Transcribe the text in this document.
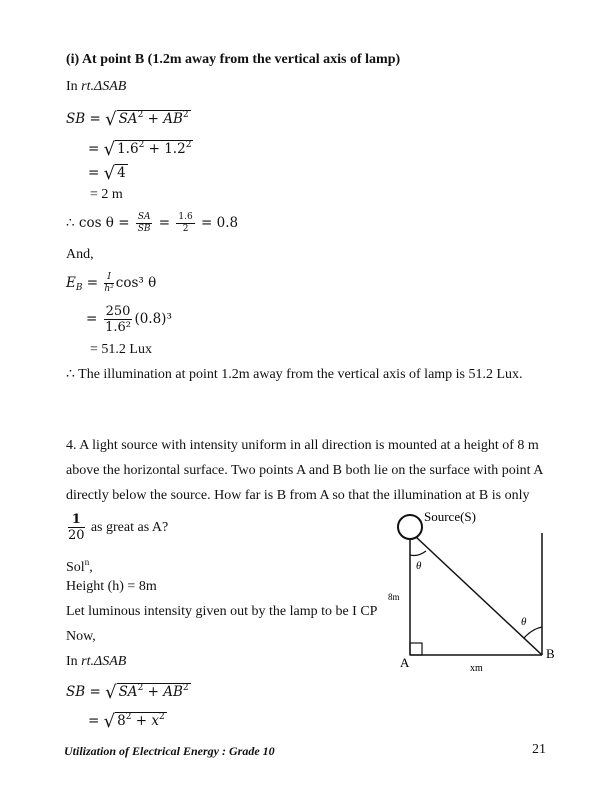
(i) At point B (1.2m away from the vertical axis of lamp)
In rt.ΔSAB
SB = √ $SA^2 + AB^2$
= √ $1.6^2 + 1.2^2$
= √ 4
= 2 m
∴ $\cos \theta = \frac{SA}{SB} = \frac{1.6}{2} = 0.8$
And,
$E_B = \frac{I}{\text{h²}} \cos^3$ θ
= $\frac{250}{\text{1.6²}} (0.8)^3$
= 51.2 Lux
∴ The illumination at point 1.2m away from the vertical axis of lamp is 51.2 Lux.
4. A light source with intensity uniform in all direction is mounted at a height of 8 m
above the horizontal surface. Two points A and B both lie on the surface with point A
directly below the source. How far is B from A so that the illumination at B is only
$\frac{1}{20}$ as great as A?
Sol$^n$,
Height (h) = 8m
Let luminous intensity given out by the lamp to be I CP
Now,
In rt.ΔSAB
SB = √ $SA^2 + AB^2$
= √ $8^2 + x^2$
Source(S)
θ
θ
8m
A
B
xm
Utilization of Electrical Energy : Grade 10	21
